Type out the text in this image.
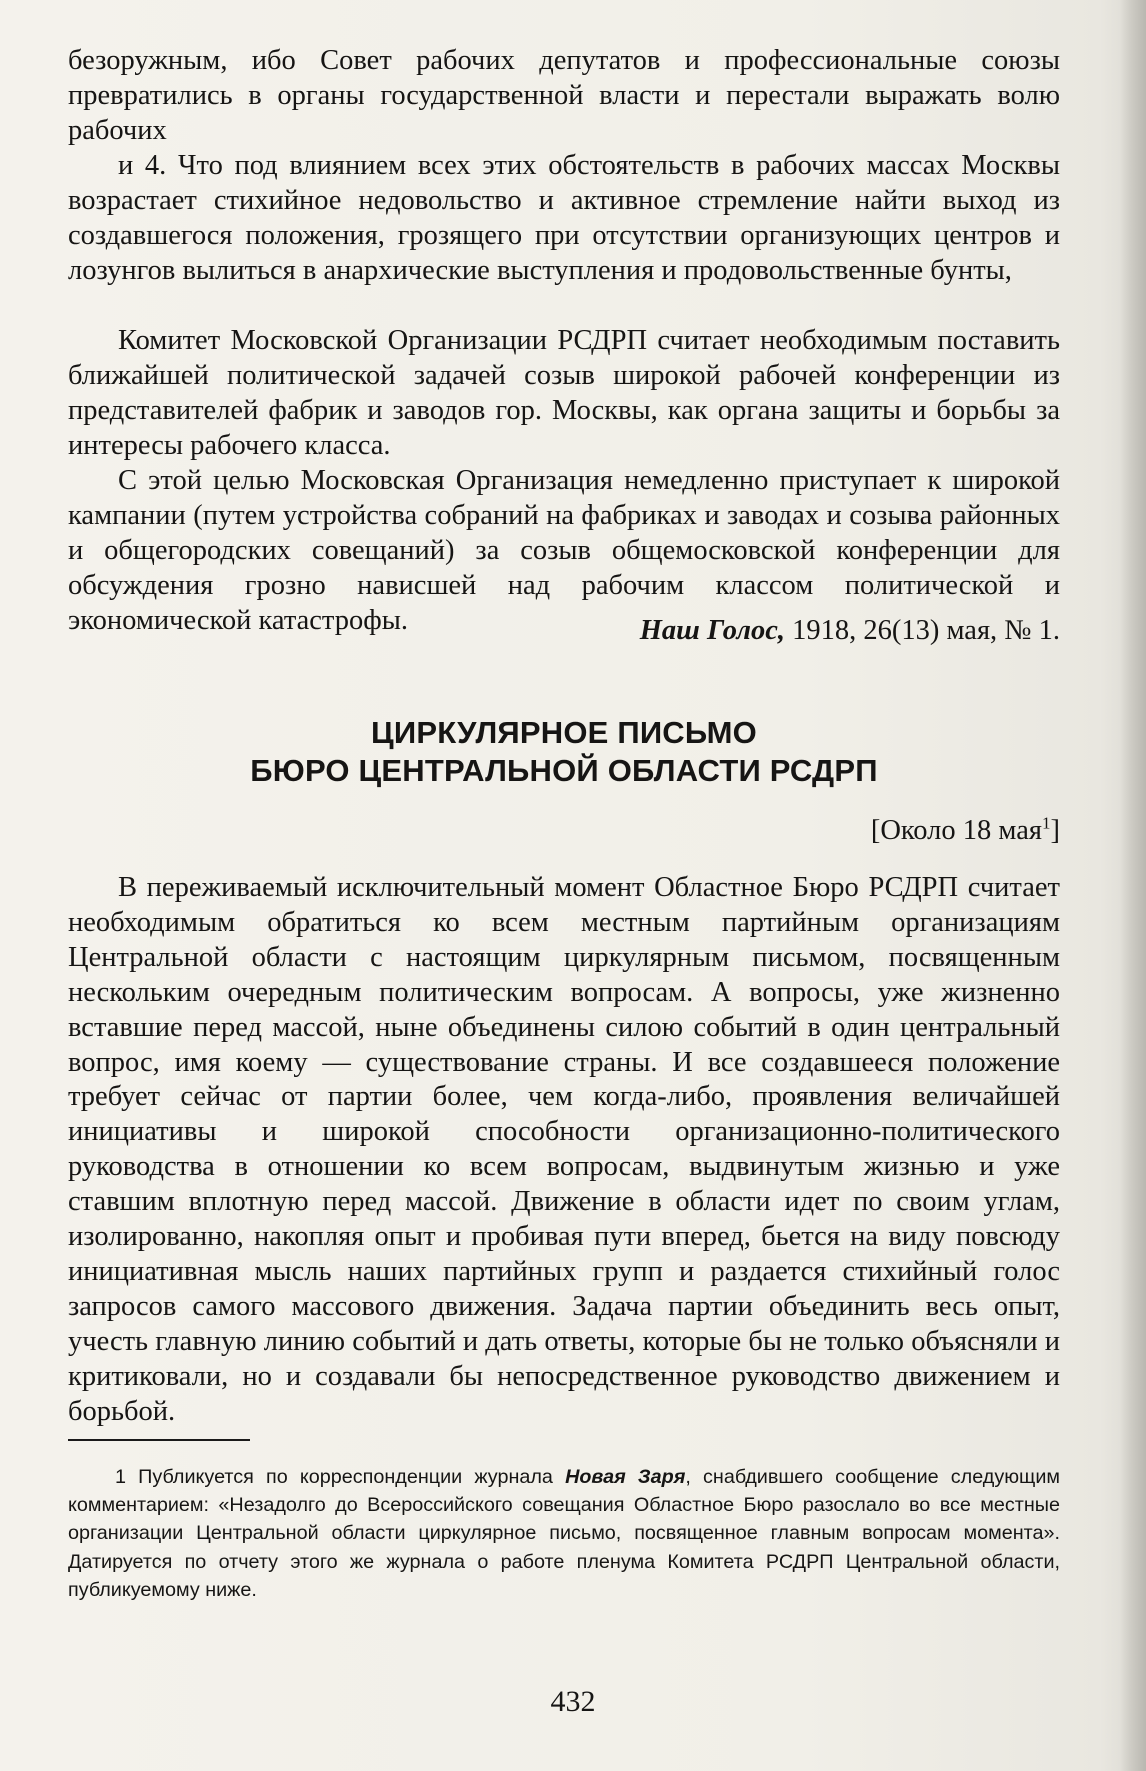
безоружным, ибо Совет рабочих депутатов и профессиональные союзы превратились в органы государственной власти и перестали выражать волю рабочих

и 4. Что под влиянием всех этих обстоятельств в рабочих массах Москвы возрастает стихийное недовольство и активное стремление найти выход из создавшегося положения, грозящего при отсутствии организующих центров и лозунгов вылиться в анархические выступления и продовольственные бунты,

Комитет Московской Организации РСДРП считает необходимым поставить ближайшей политической задачей созыв широкой рабочей конференции из представителей фабрик и заводов гор. Москвы, как органа защиты и борьбы за интересы рабочего класса.

С этой целью Московская Организация немедленно приступает к широкой кампании (путем устройства собраний на фабриках и заводах и созыва районных и общегородских совещаний) за созыв общемосковской конференции для обсуждения грозно нависшей над рабочим классом политической и экономической катастрофы.	Наш Голос, 1918, 26(13) мая, № 1.

ЦИРКУЛЯРНОЕ ПИСЬМО

БЮРО ЦЕНТРАЛЬНОЙ ОБЛАСТИ РСДРП

[Около 18 мая$^1$]

В переживаемый исключительный момент Областное Бюро РСДРП считает необходимым обратиться ко всем местным партийным организациям Центральной области с настоящим циркулярным письмом, посвященным нескольким очередным политическим вопросам. А вопросы, уже жизненно вставшие перед массой, ныне объединены силою событий в один центральный вопрос, имя коему — существование страны. И все создавшееся положение требует сейчас от партии более, чем когда-либо, проявления величайшей инициативы и широкой способности организационно-политического руководства в отношении ко всем вопросам, выдвинутым жизнью и уже ставшим вплотную перед массой. Движение в области идет по своим углам, изолированно, накопляя опыт и пробивая пути вперед, бьется на виду повсюду инициативная мысль наших партийных групп и раздается стихийный голос запросов самого массового движения. Задача партии объединить весь опыт, учесть главную линию событий и дать ответы, которые бы не только объясняли и критиковали, но и создавали бы непосредственное руководство движением и борьбой.

1 Публикуется по корреспонденции журнала Новая Заря, снабдившего сообщение следующим комментарием: «Незадолго до Всероссийского совещания Областное Бюро разослало во все местные организации Центральной области циркулярное письмо, посвященное главным вопросам момента». Датируется по отчету этого же журнала о работе пленума Комитета РСДРП Центральной области, публикуемому ниже.

432
